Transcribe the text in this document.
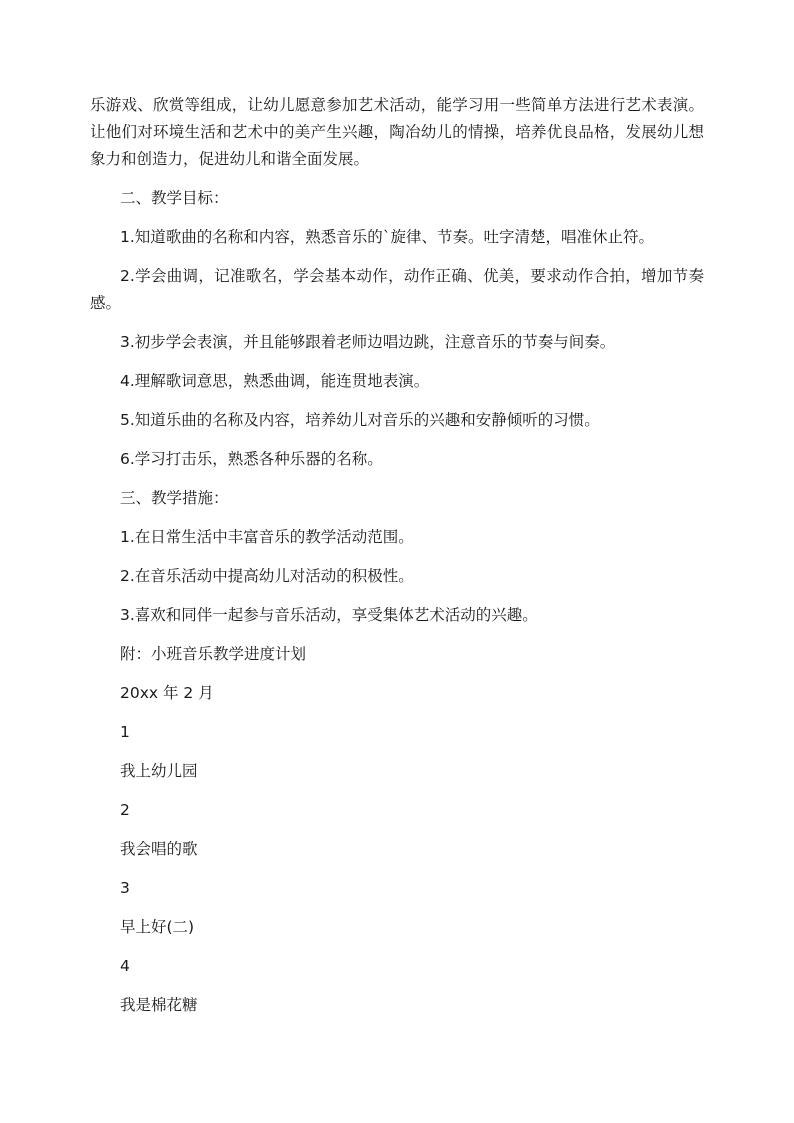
乐游戏、欣赏等组成，让幼儿愿意参加艺术活动，能学习用一些简单方法进行艺术表演。让他们对环境生活和艺术中的美产生兴趣，陶冶幼儿的情操，培养优良品格，发展幼儿想象力和创造力，促进幼儿和谐全面发展。

二、教学目标：

1.知道歌曲的名称和内容，熟悉音乐的`旋律、节奏。吐字清楚，唱准休止符。

2.学会曲调，记准歌名，学会基本动作，动作正确、优美，要求动作合拍，增加节奏感。

3.初步学会表演，并且能够跟着老师边唱边跳，注意音乐的节奏与间奏。

4.理解歌词意思，熟悉曲调，能连贯地表演。

5.知道乐曲的名称及内容，培养幼儿对音乐的兴趣和安静倾听的习惯。

6.学习打击乐，熟悉各种乐器的名称。

三、教学措施：

1.在日常生活中丰富音乐的教学活动范围。

2.在音乐活动中提高幼儿对活动的积极性。

3.喜欢和同伴一起参与音乐活动，享受集体艺术活动的兴趣。

附：小班音乐教学进度计划

20xx 年 2 月

1

我上幼儿园

2

我会唱的歌

3

早上好(二)

4

我是棉花糖
